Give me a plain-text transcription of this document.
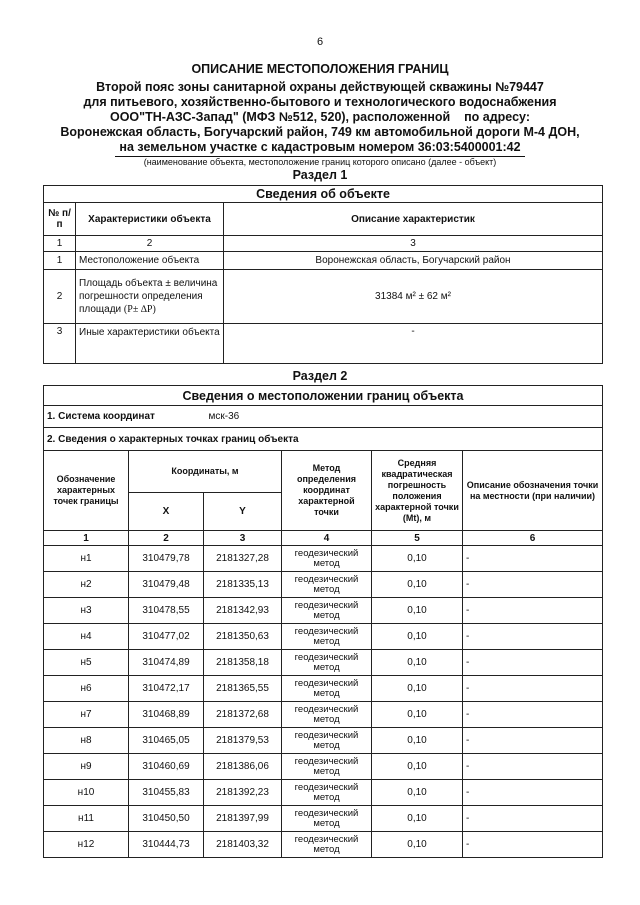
6
ОПИСАНИЕ МЕСТОПОЛОЖЕНИЯ ГРАНИЦ
Второй пояс зоны санитарной охраны действующей скважины №79447
для питьевого, хозяйственно-бытового и технологического водоснабжения
ООО"ТН-АЗС-Запад" (МФЗ №512, 520), расположенной    по адресу:
Воронежская область, Богучарский район, 749 км автомобильной дороги М-4 ДОН,
на земельном участке с кадастровым номером 36:03:5400001:42
(наименование объекта, местоположение границ которого описано (далее - объект)
Раздел 1
Сведения об объекте		
№ п/п	Характеристики объекта	Описание характеристик
1	2	3
1	Местоположение объекта	Воронежская область, Богучарский район
2	Площадь объекта ± величина погрешности определения площади (P± ∆P)	31384 м² ± 62 м²
3	Иные характеристики объекта	-
Раздел 2
Сведения о местоположении границ объекта					
1. Система координат мск-36					
2. Сведения о характерных точках границ объекта					
Обозначение характерных точек границы	Координаты, м		Метод определения координат характерной точки	Средняя квадратическая погрешность положения характерной точки (Mt), м	Описание обозначения точки на местности (при наличии)
	X	Y			
1	2	3	4	5	6
н1	310479,78	2181327,28	геодезический
метод	0,10	-
н2	310479,48	2181335,13	геодезический
метод	0,10	-
н3	310478,55	2181342,93	геодезический
метод	0,10	-
н4	310477,02	2181350,63	геодезический
метод	0,10	-
н5	310474,89	2181358,18	геодезический
метод	0,10	-
н6	310472,17	2181365,55	геодезический
метод	0,10	-
н7	310468,89	2181372,68	геодезический
метод	0,10	-
н8	310465,05	2181379,53	геодезический
метод	0,10	-
н9	310460,69	2181386,06	геодезический
метод	0,10	-
н10	310455,83	2181392,23	геодезический
метод	0,10	-
н11	310450,50	2181397,99	геодезический
метод	0,10	-
н12	310444,73	2181403,32	геодезический
метод	0,10	-
